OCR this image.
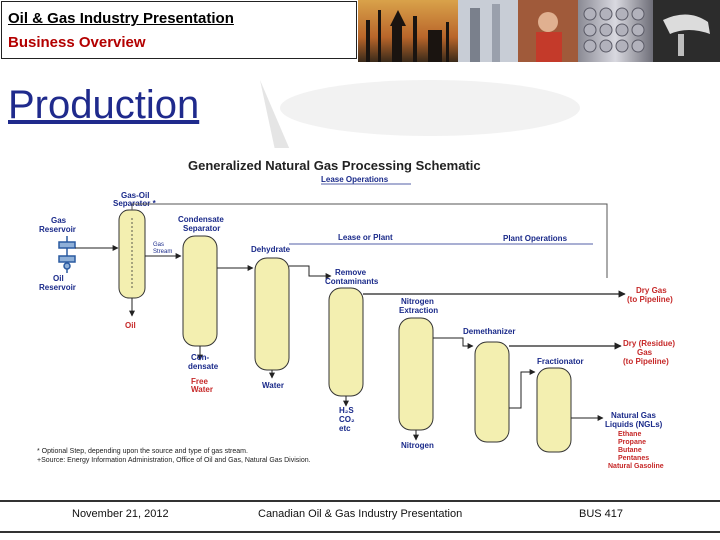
Oil & Gas Industry Presentation
Business Overview
Production
Generalized Natural Gas Processing Schematic
Lease Operations
Gas
Reservoir
Oil
Reservoir
Gas-Oil
Separator *
Oil
Gas
Stream
Condensate
Separator
Con-
densate
Free
Water
Dehydrate
Water
Lease or Plant	Plant Operations
Remove
Contaminants
H₂S
CO₂
etc
Dry Gas
(to Pipeline)
Nitrogen
Extraction
Nitrogen
Demethanizer
Dry (Residue)
Gas
(to Pipeline)
Fractionator
Natural Gas
Liquids (NGLs)
Ethane
Propane
Butane
Pentanes
Natural Gasoline
* Optional Step, depending upon the source and type of gas stream.
+Source: Energy Information Administration, Office of Oil and Gas, Natural Gas Division.
November 21, 2012	Canadian Oil & Gas Industry Presentation	BUS 417
